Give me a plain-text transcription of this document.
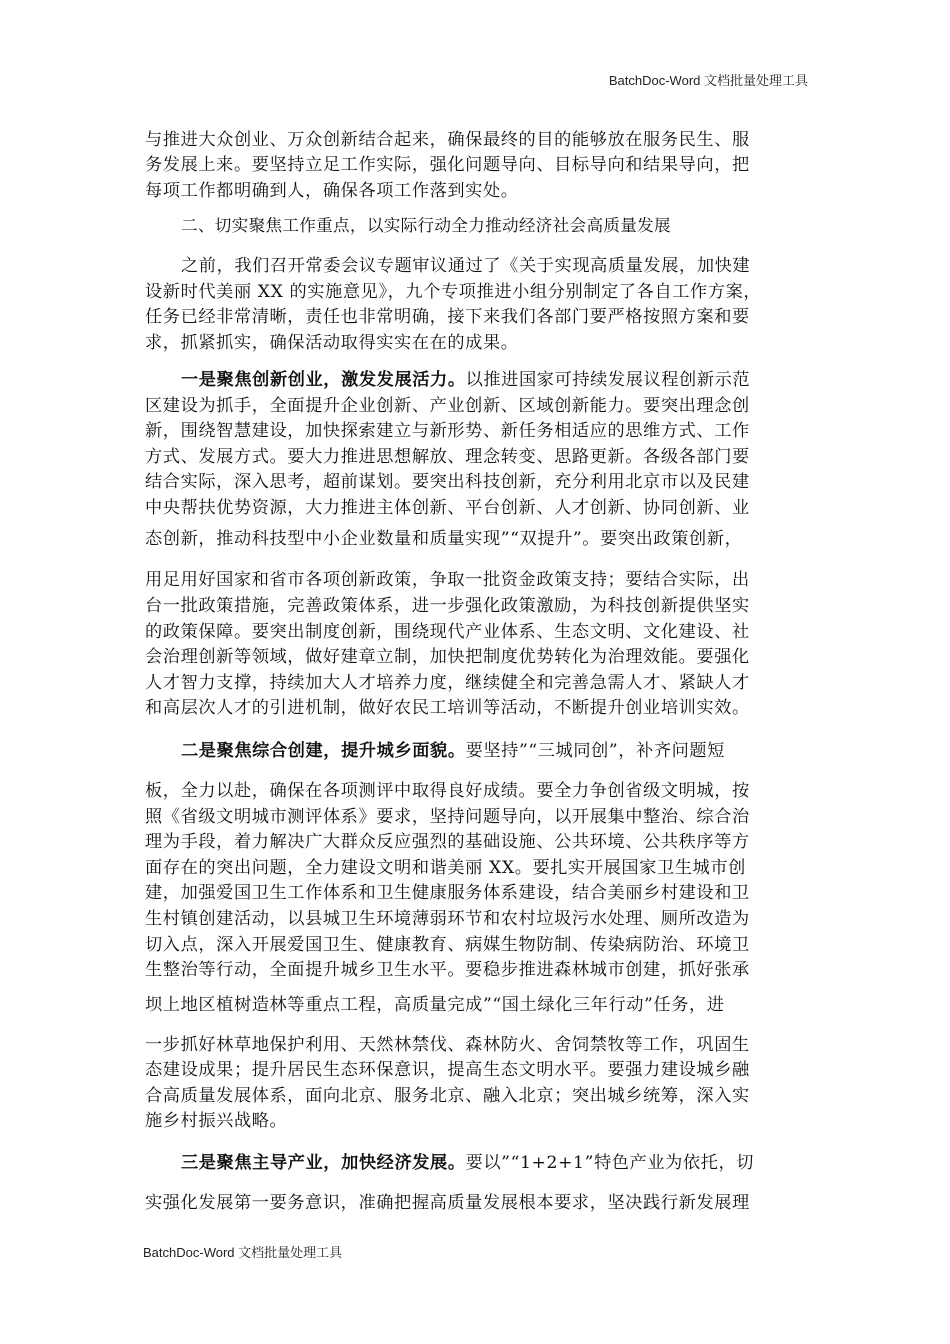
BatchDoc-Word 文档批量处理工具
与推进大众创业、万众创新结合起来，确保最终的目的能够放在服务民生、服
务发展上来。要坚持立足工作实际，强化问题导向、目标导向和结果导向，把
每项工作都明确到人，确保各项工作落到实处。
二、切实聚焦工作重点，以实际行动全力推动经济社会高质量发展
之前，我们召开常委会议专题审议通过了《关于实现高质量发展，加快建
设新时代美丽 XX 的实施意见》，九个专项推进小组分别制定了各自工作方案，
任务已经非常清晰，责任也非常明确，接下来我们各部门要严格按照方案和要
求，抓紧抓实，确保活动取得实实在在的成果。
一是聚焦创新创业，激发发展活力。以推进国家可持续发展议程创新示范
区建设为抓手，全面提升企业创新、产业创新、区域创新能力。要突出理念创
新，围绕智慧建设，加快探索建立与新形势、新任务相适应的思维方式、工作
方式、发展方式。要大力推进思想解放、理念转变、思路更新。各级各部门要
结合实际，深入思考，超前谋划。要突出科技创新，充分利用北京市以及民建
中央帮扶优势资源，大力推进主体创新、平台创新、人才创新、协同创新、业
态创新，推动科技型中小企业数量和质量实现”“双提升”。要突出政策创新，
用足用好国家和省市各项创新政策，争取一批资金政策支持；要结合实际，出
台一批政策措施，完善政策体系，进一步强化政策激励，为科技创新提供坚实
的政策保障。要突出制度创新，围绕现代产业体系、生态文明、文化建设、社
会治理创新等领域，做好建章立制，加快把制度优势转化为治理效能。要强化
人才智力支撑，持续加大人才培养力度，继续健全和完善急需人才、紧缺人才
和高层次人才的引进机制，做好农民工培训等活动，不断提升创业培训实效。
二是聚焦综合创建，提升城乡面貌。要坚持”“三城同创”，补齐问题短
板，全力以赴，确保在各项测评中取得良好成绩。要全力争创省级文明城，按
照《省级文明城市测评体系》要求，坚持问题导向，以开展集中整治、综合治
理为手段，着力解决广大群众反应强烈的基础设施、公共环境、公共秩序等方
面存在的突出问题，全力建设文明和谐美丽 XX。要扎实开展国家卫生城市创
建，加强爱国卫生工作体系和卫生健康服务体系建设，结合美丽乡村建设和卫
生村镇创建活动，以县城卫生环境薄弱环节和农村垃圾污水处理、厕所改造为
切入点，深入开展爱国卫生、健康教育、病媒生物防制、传染病防治、环境卫
生整治等行动，全面提升城乡卫生水平。要稳步推进森林城市创建，抓好张承
坝上地区植树造林等重点工程，高质量完成”“国土绿化三年行动”任务，进
一步抓好林草地保护利用、天然林禁伐、森林防火、舍饲禁牧等工作，巩固生
态建设成果；提升居民生态环保意识，提高生态文明水平。要强力建设城乡融
合高质量发展体系，面向北京、服务北京、融入北京；突出城乡统筹，深入实
施乡村振兴战略。
三是聚焦主导产业，加快经济发展。要以”“1+2+1”特色产业为依托，切
实强化发展第一要务意识，准确把握高质量发展根本要求，坚决践行新发展理
BatchDoc-Word 文档批量处理工具
